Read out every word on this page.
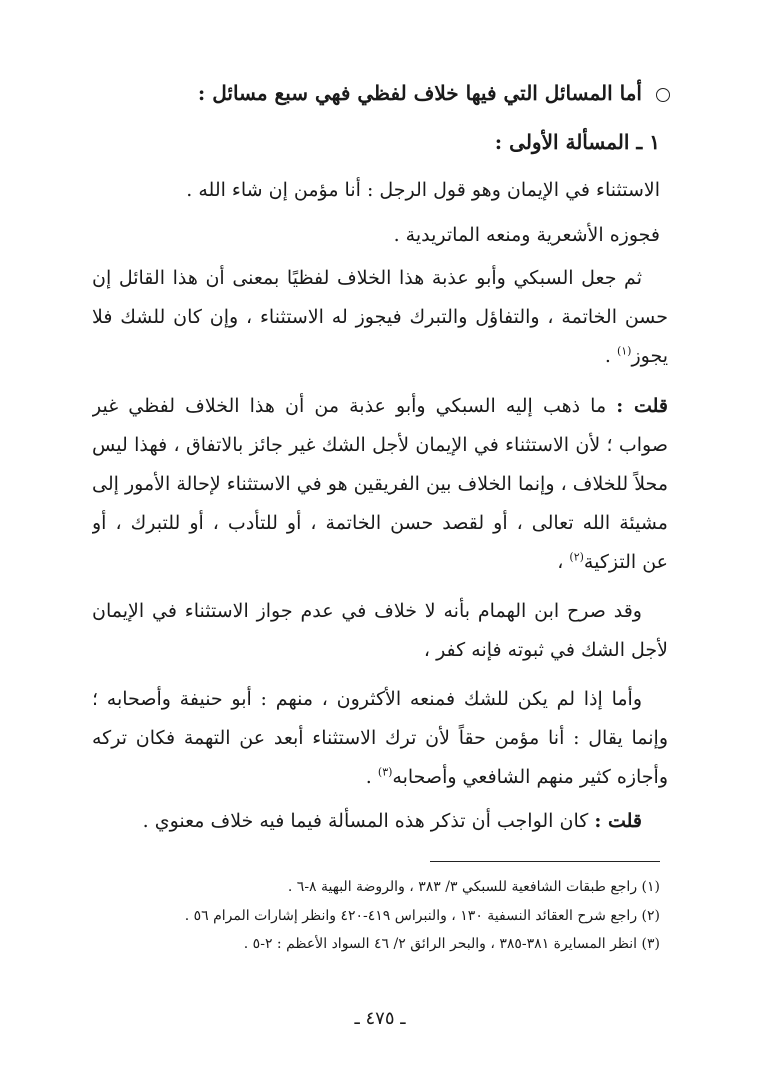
أما المسائل التي فيها خلاف لفظي فهي سبع مسائل :
١ ـ المسألة الأولى :
الاستثناء في الإيمان وهو قول الرجل : أنا مؤمن إن شاء الله .
فجوزه الأشعرية ومنعه الماتريدية .
ثم جعل السبكي وأبو عذبة هذا الخلاف لفظيًا بمعنى أن هذا القائل إن
حسن الخاتمة ، والتفاؤل والتبرك فيجوز له الاستثناء ، وإن كان للشك فلا
يجوز$^{(١)}$ .
قلت : ما ذهب إليه السبكي وأبو عذبة من أن هذا الخلاف لفظي غير
صواب ؛ لأن الاستثناء في الإيمان لأجل الشك غير جائز بالاتفاق ، فهذا ليس
محلاً للخلاف ، وإنما الخلاف بين الفريقين هو في الاستثناء لإحالة الأمور إلى
مشيئة الله تعالى ، أو لقصد حسن الخاتمة ، أو للتأدب ، أو للتبرك ، أو
عن التزكية$^{(٢)}$ ،
وقد صرح ابن الهمام بأنه لا خلاف في عدم جواز الاستثناء في الإيمان
لأجل الشك في ثبوته فإنه كفر ،
وأما إذا لم يكن للشك فمنعه الأكثرون ، منهم : أبو حنيفة وأصحابه ؛
وإنما يقال : أنا مؤمن حقاً لأن ترك الاستثناء أبعد عن التهمة فكان تركه
وأجازه كثير منهم الشافعي وأصحابه$^{(٣)}$ .
قلت : كان الواجب أن تذكر هذه المسألة فيما فيه خلاف معنوي .
(١) راجع طبقات الشافعية للسبكي ٣/ ٣٨٣ ، والروضة البهية ٨-٦ .
(٢) راجع شرح العقائد النسفية ١٣٠ ، والنبراس ٤١٩-٤٢٠ وانظر إشارات المرام ٥٦ .
(٣) انظر المسايرة ٣٨١-٣٨٥ ، والبحر الرائق ٢/ ٤٦ السواد الأعظم : ٢-٥ .
ـ ٤٧٥ ـ
